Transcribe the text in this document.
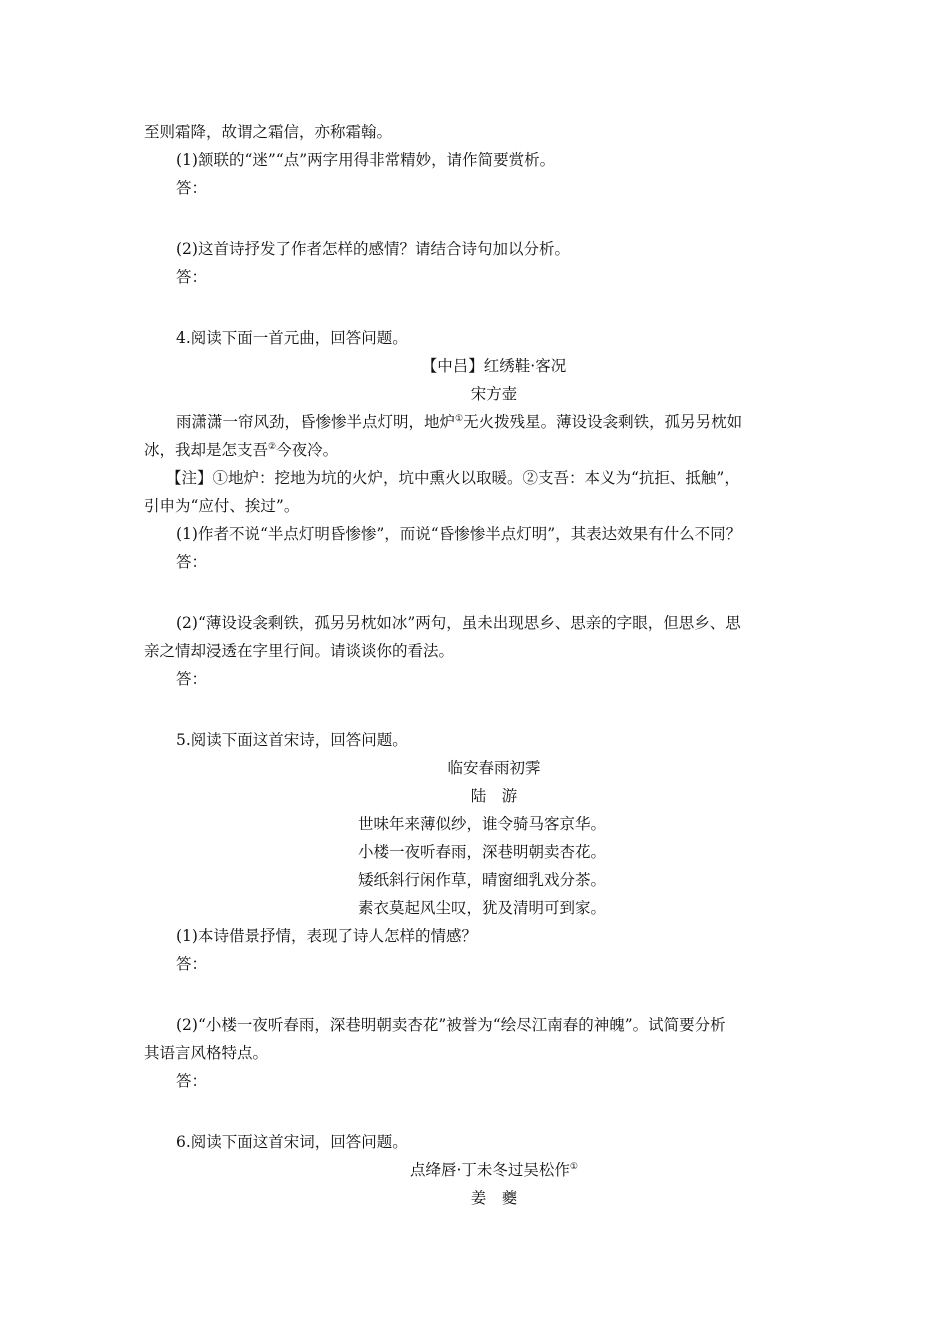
至则霜降，故谓之霜信，亦称霜翰。
(1)颔联的“迷”“点”两字用得非常精妙，请作简要赏析。
答：
(2)这首诗抒发了作者怎样的感情？请结合诗句加以分析。
答：
4.阅读下面一首元曲，回答问题。
【中吕】红绣鞋·客况
宋方壶
雨潇潇一帘风劲，昏惨惨半点灯明，地炉①无火拨残星。薄设设衾剩铁，孤另另枕如
冰，我却是怎支吾②今夜冷。
【注】①地炉：挖地为坑的火炉，坑中熏火以取暖。②支吾：本义为“抗拒、抵触”，
引申为“应付、挨过”。
(1)作者不说“半点灯明昏惨惨”，而说“昏惨惨半点灯明”，其表达效果有什么不同？
答：
(2)“薄设设衾剩铁，孤另另枕如冰”两句，虽未出现思乡、思亲的字眼，但思乡、思
亲之情却浸透在字里行间。请谈谈你的看法。
答：
5.阅读下面这首宋诗，回答问题。
临安春雨初霁
陆　游
世味年来薄似纱，谁令骑马客京华。
小楼一夜听春雨，深巷明朝卖杏花。
矮纸斜行闲作草，晴窗细乳戏分茶。
素衣莫起风尘叹，犹及清明可到家。
(1)本诗借景抒情，表现了诗人怎样的情感？
答：
(2)“小楼一夜听春雨，深巷明朝卖杏花”被誉为“绘尽江南春的神魄”。试简要分析
其语言风格特点。
答：
6.阅读下面这首宋词，回答问题。
点绛唇·丁未冬过吴松作①
姜　夔
